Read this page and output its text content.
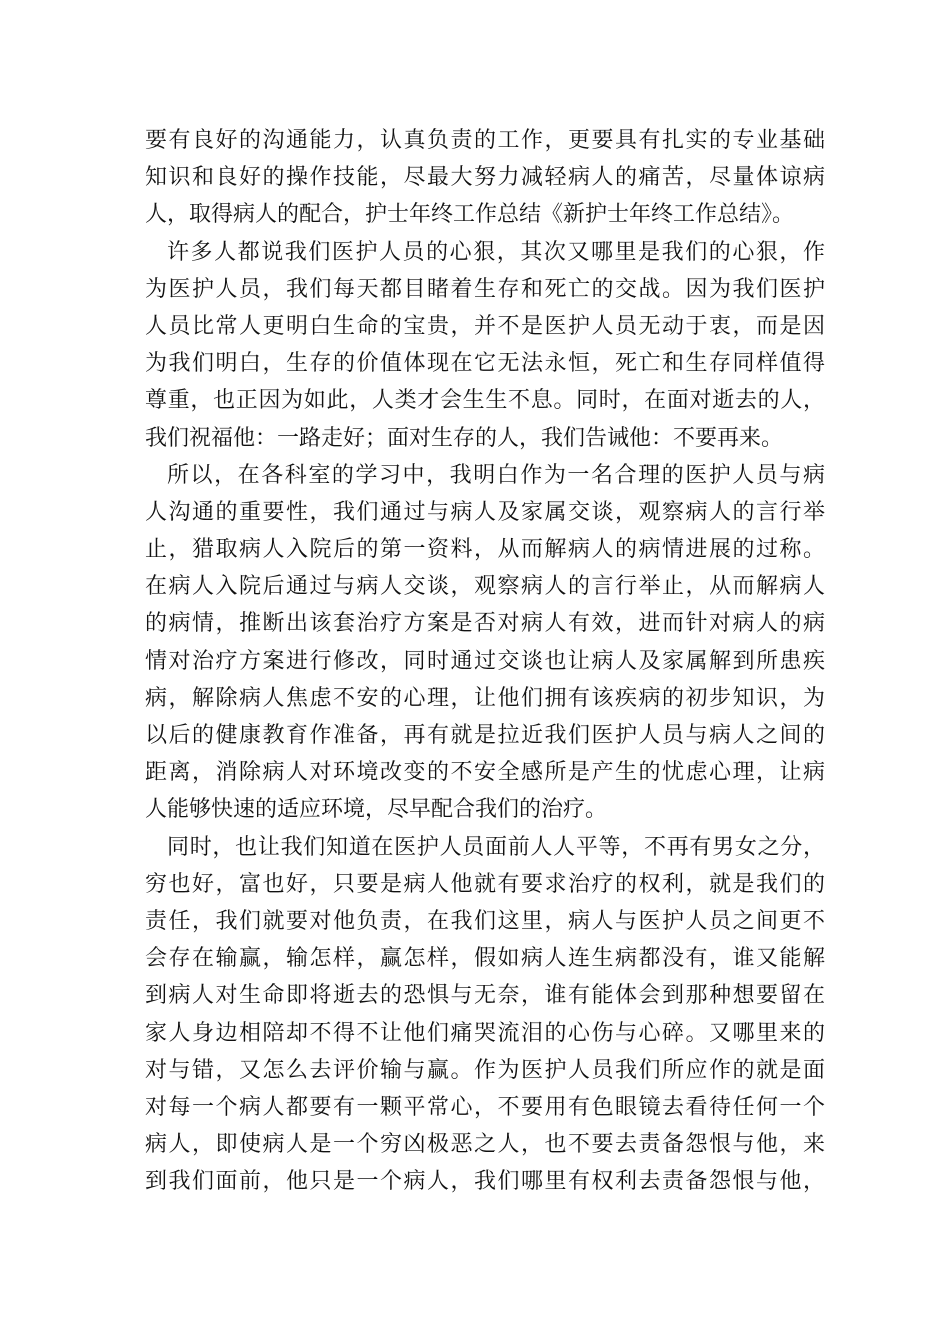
要有良好的沟通能力，认真负责的工作，更要具有扎实的专业基础
知识和良好的操作技能，尽最大努力减轻病人的痛苦，尽量体谅病
人，取得病人的配合，护士年终工作总结《新护士年终工作总结》。
许多人都说我们医护人员的心狠，其次又哪里是我们的心狠，作
为医护人员，我们每天都目睹着生存和死亡的交战。因为我们医护
人员比常人更明白生命的宝贵，并不是医护人员无动于衷，而是因
为我们明白，生存的价值体现在它无法永恒，死亡和生存同样值得
尊重，也正因为如此，人类才会生生不息。同时，在面对逝去的人，
我们祝福他：一路走好；面对生存的人，我们告诫他：不要再来。
所以，在各科室的学习中，我明白作为一名合理的医护人员与病
人沟通的重要性，我们通过与病人及家属交谈，观察病人的言行举
止，猎取病人入院后的第一资料，从而解病人的病情进展的过称。
在病人入院后通过与病人交谈，观察病人的言行举止，从而解病人
的病情，推断出该套治疗方案是否对病人有效，进而针对病人的病
情对治疗方案进行修改，同时通过交谈也让病人及家属解到所患疾
病，解除病人焦虑不安的心理，让他们拥有该疾病的初步知识，为
以后的健康教育作准备，再有就是拉近我们医护人员与病人之间的
距离，消除病人对环境改变的不安全感所是产生的忧虑心理，让病
人能够快速的适应环境，尽早配合我们的治疗。
同时，也让我们知道在医护人员面前人人平等，不再有男女之分，
穷也好，富也好，只要是病人他就有要求治疗的权利，就是我们的
责任，我们就要对他负责，在我们这里，病人与医护人员之间更不
会存在输赢，输怎样，赢怎样，假如病人连生病都没有，谁又能解
到病人对生命即将逝去的恐惧与无奈，谁有能体会到那种想要留在
家人身边相陪却不得不让他们痛哭流泪的心伤与心碎。又哪里来的
对与错，又怎么去评价输与赢。作为医护人员我们所应作的就是面
对每一个病人都要有一颗平常心，不要用有色眼镜去看待任何一个
病人，即使病人是一个穷凶极恶之人，也不要去责备怨恨与他，来
到我们面前，他只是一个病人，我们哪里有权利去责备怨恨与他，
